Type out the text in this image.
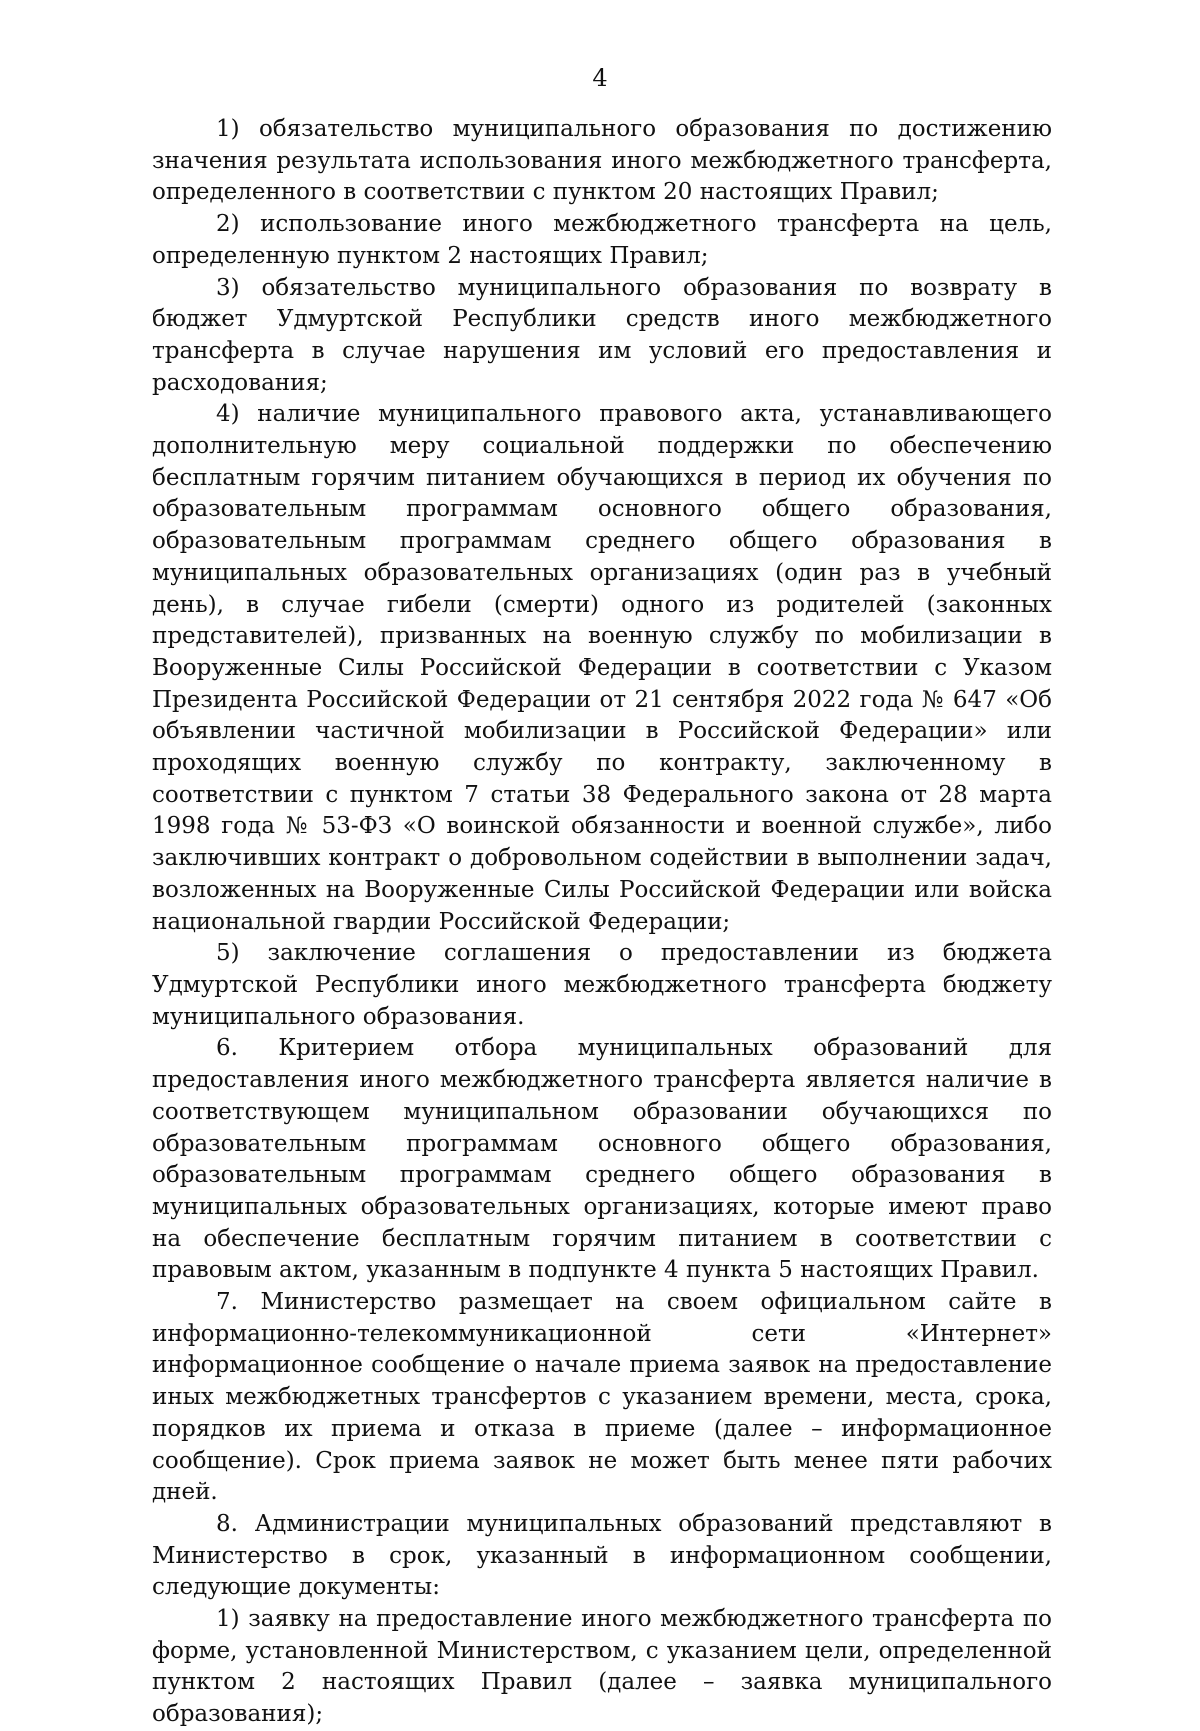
4

1) обязательство муниципального образования по достижению значения результата использования иного межбюджетного трансферта, определенного в соответствии с пунктом 20 настоящих Правил;

2) использование иного межбюджетного трансферта на цель, определенную пунктом 2 настоящих Правил;

3) обязательство муниципального образования по возврату в бюджет Удмуртской Республики средств иного межбюджетного трансферта в случае нарушения им условий его предоставления и расходования;

4) наличие муниципального правового акта, устанавливающего дополнительную меру социальной поддержки по обеспечению бесплатным горячим питанием обучающихся в период их обучения по образовательным программам основного общего образования, образовательным программам среднего общего образования в муниципальных образовательных организациях (один раз в учебный день), в случае гибели (смерти) одного из родителей (законных представителей), призванных на военную службу по мобилизации в Вооруженные Силы Российской Федерации в соответствии с Указом Президента Российской Федерации от 21 сентября 2022 года № 647 «Об объявлении частичной мобилизации в Российской Федерации» или проходящих военную службу по контракту, заключенному в соответствии с пунктом 7 статьи 38 Федерального закона от 28 марта 1998 года № 53-ФЗ «О воинской обязанности и военной службе», либо заключивших контракт о добровольном содействии в выполнении задач, возложенных на Вооруженные Силы Российской Федерации или войска национальной гвардии Российской Федерации;

5) заключение соглашения о предоставлении из бюджета Удмуртской Республики иного межбюджетного трансферта бюджету муниципального образования.

6. Критерием отбора муниципальных образований для предоставления иного межбюджетного трансферта является наличие в соответствующем муниципальном образовании обучающихся по образовательным программам основного общего образования, образовательным программам среднего общего образования в муниципальных образовательных организациях, которые имеют право на обеспечение бесплатным горячим питанием в соответствии с правовым актом, указанным в подпункте 4 пункта 5 настоящих Правил.

7. Министерство размещает на своем официальном сайте в информационно-телекоммуникационной сети «Интернет» информационное сообщение о начале приема заявок на предоставление иных межбюджетных трансфертов с указанием времени, места, срока, порядков их приема и отказа в приеме (далее – информационное сообщение). Срок приема заявок не может быть менее пяти рабочих дней.

8. Администрации муниципальных образований представляют в Министерство в срок, указанный в информационном сообщении, следующие документы:

1) заявку на предоставление иного межбюджетного трансферта по форме, установленной Министерством, с указанием цели, определенной пунктом 2 настоящих Правил (далее – заявка муниципального образования);
